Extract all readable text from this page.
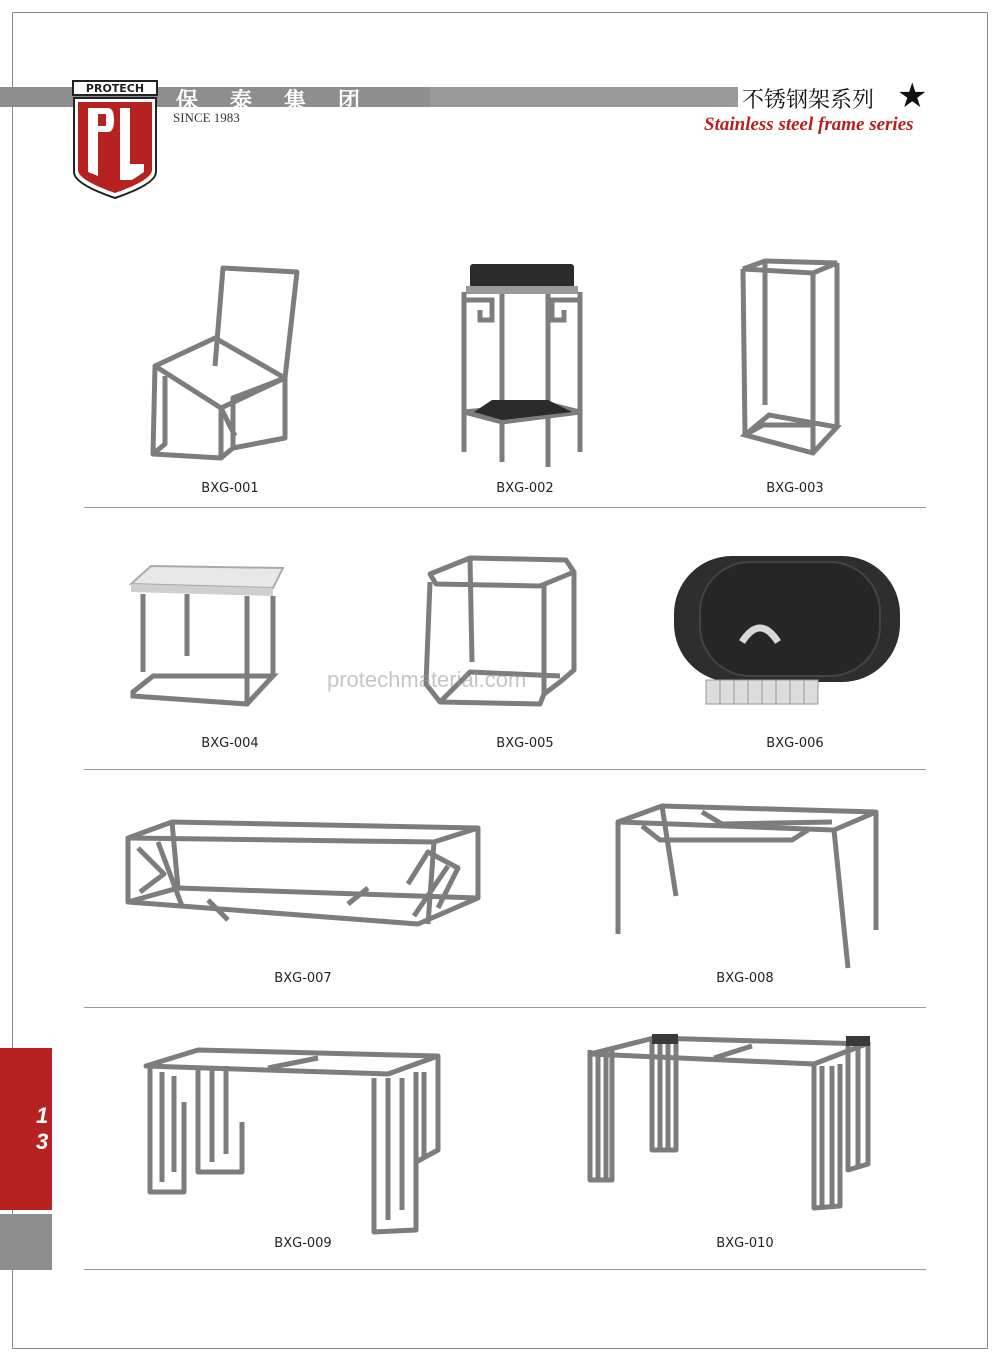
PROTECH
保泰集团
SINCE 1983
不锈钢架系列 ★
Stainless steel frame series
BXG-001	BXG-002	BXG-003
BXG-004	BXG-005	BXG-006
BXG-007	BXG-008
BXG-009	BXG-010
protechmaterial.com
1
3
